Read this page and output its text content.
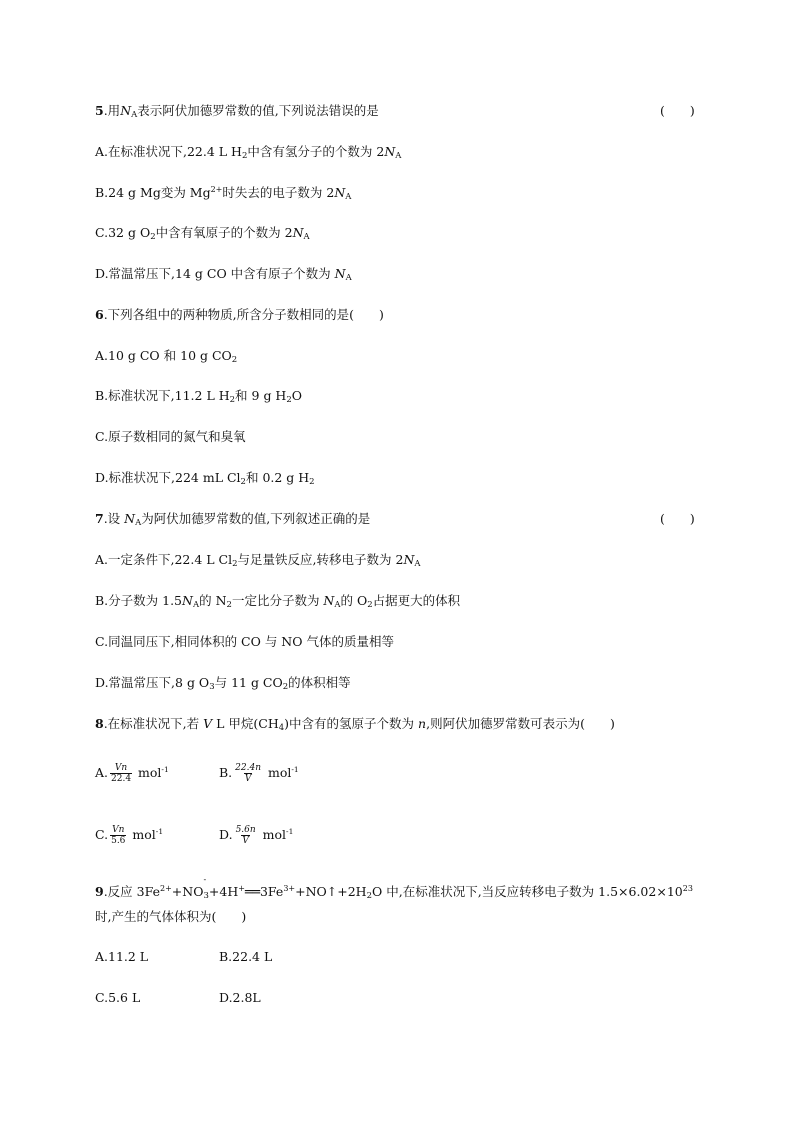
5.用$N_A$表示阿伏加德罗常数的值,下列说法错误的是	(　　)
A.在标准状况下,22.4 L $H_2$中含有氢分子的个数为 $2N_A$
B.24 g Mg变为 $Mg^{2+}$时失去的电子数为 $2N_A$
C.32 g $O_2$中含有氧原子的个数为 $2N_A$
D.常温常压下,14 g CO 中含有原子个数为 $N_A$
6.下列各组中的两种物质,所含分子数相同的是(　　)
A.10 g CO 和 10 g $CO_2$
B.标准状况下,11.2 L $H_2$和 9 g $H_2O$
C.原子数相同的氮气和臭氧
D.标准状况下,224 mL $Cl_2$和 0.2 g $H_2$
7.设 $N_A$为阿伏加德罗常数的值,下列叙述正确的是	(　　)
A.一定条件下,22.4 L $Cl_2$与足量铁反应,转移电子数为 $2N_A$
B.分子数为 $1.5N_A$的 $N_2$一定比分子数为 $N_A$的 $O_2$占据更大的体积
C.同温同压下,相同体积的 CO 与 NO 气体的质量相等
D.常温常压下,8 g $O_3$与 11 g $CO_2$的体积相等
8.在标准状况下,若 V L 甲烷$(CH_4)$中含有的氢原子个数为 n,则阿伏加德罗常数可表示为(　　)
A. $\frac{Vn}{22.4} mol^{-1}$	B. $\frac{22.4n}{V} mol^{-1}$
C. $\frac{Vn}{5.6} mol^{-1}$	D. $\frac{5.6n}{V} mol^{-1}$
9.反应 $3Fe^{2+}+NO$
-
$_3+4H^+══3Fe^{3+}+NO↑+2H_2O$ 中,在标准状况下,当反应转移电子数为 $1.5\times 6.02\times 10^{23}$
时,产生的气体体积为(　　)
A.11.2 L	B.22.4 L
C.5.6 L	D.2.8L
